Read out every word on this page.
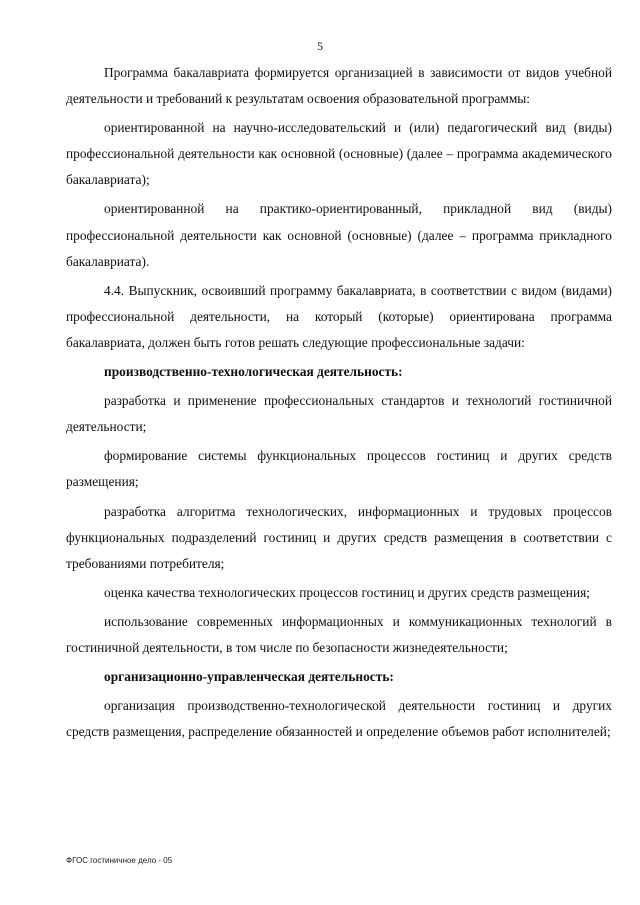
5

Программа бакалавриата формируется организацией в зависимости от видов учебной деятельности и требований к результатам освоения образовательной программы:

ориентированной на научно-исследовательский и (или) педагогический вид (виды) профессиональной деятельности как основной (основные) (далее – программа академического бакалавриата);

ориентированной на практико-ориентированный, прикладной вид (виды) профессиональной деятельности как основной (основные) (далее – программа прикладного бакалавриата).

4.4. Выпускник, освоивший программу бакалавриата, в соответствии с видом (видами) профессиональной деятельности, на который (которые) ориентирована программа бакалавриата, должен быть готов решать следующие профессиональные задачи:

производственно-технологическая деятельность:

разработка и применение профессиональных стандартов и технологий гостиничной деятельности;

формирование системы функциональных процессов гостиниц и других средств размещения;

разработка алгоритма технологических, информационных и трудовых процессов функциональных подразделений гостиниц и других средств размещения в соответствии с требованиями потребителя;

оценка качества технологических процессов гостиниц и других средств размещения;

использование современных информационных и коммуникационных технологий в гостиничной деятельности, в том числе по безопасности жизнедеятельности;

организационно-управленческая деятельность:

организация производственно-технологической деятельности гостиниц и других средств размещения, распределение обязанностей и определение объемов работ исполнителей;

ФГОС гостиничное дело - 05
